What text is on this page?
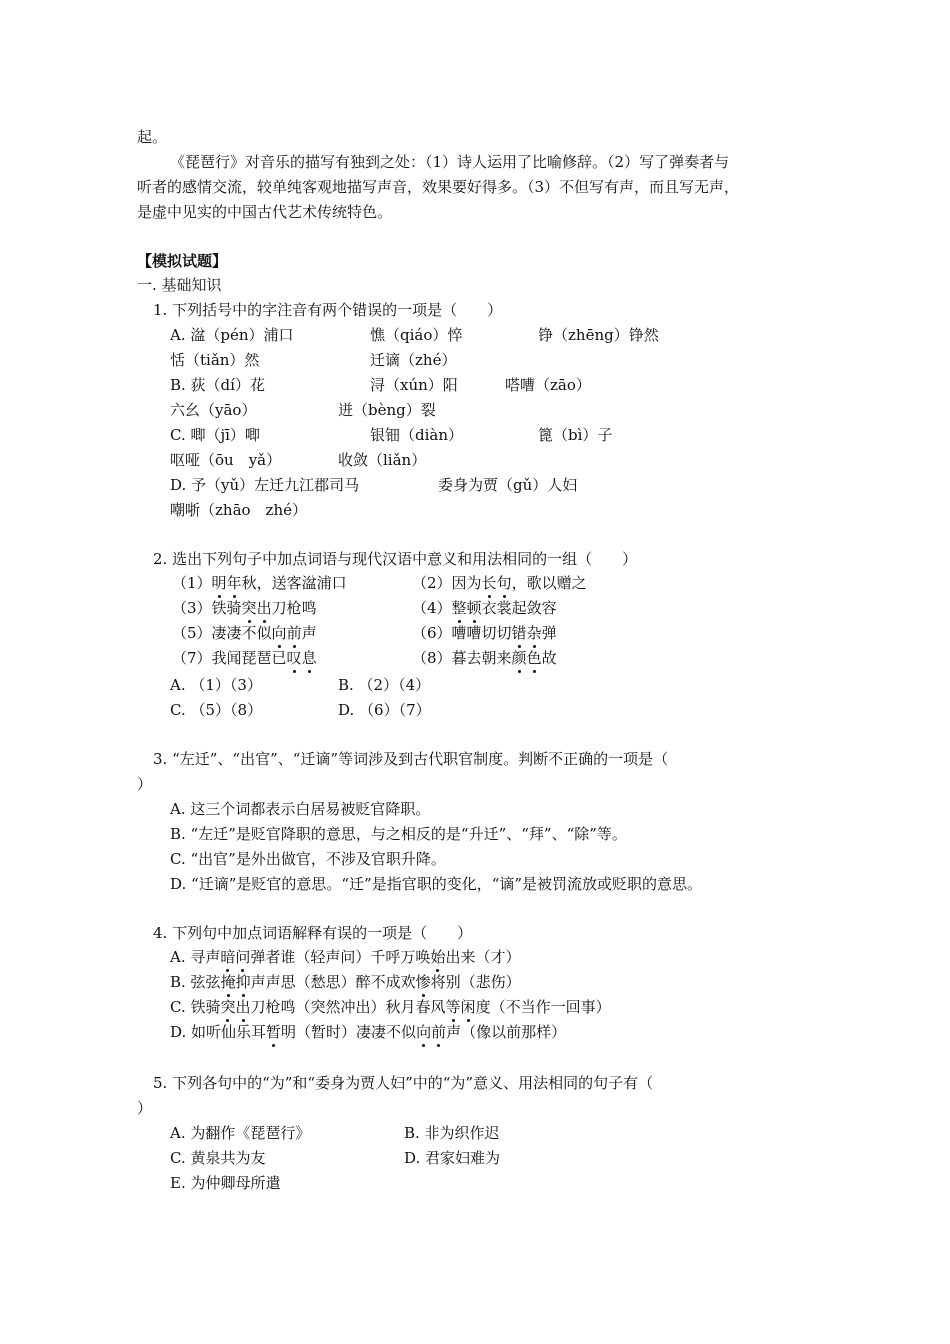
起。
《琵琶行》对音乐的描写有独到之处：（1）诗人运用了比喻修辞。（2）写了弹奏者与
听者的感情交流，较单纯客观地描写声音，效果要好得多。（3）不但写有声，而且写无声，
是虚中见实的中国古代艺术传统特色。
【模拟试题】
一. 基础知识
1. 下列括号中的字注音有两个错误的一项是（　　）
A. 湓（pén）浦口	憔（qiáo）悴	铮（zhēng）铮然
恬（tiǎn）然	迁谪（zhé）
B. 荻（dí）花	浔（xún）阳	嗒嘈（zāo）
六幺（yāo）	迸（bèng）裂
C. 唧（jī）唧	银钿（diàn）	篦（bì）子
呕哑（ōu　yǎ）	收敛（liǎn）
D. 予（yǔ）左迁九江郡司马	委身为贾（gǔ）人妇
嘲哳（zhāo　zhé）
2. 选出下列句子中加点词语与现代汉语中意义和用法相同的一组（　　）
（1）明年秋，送客湓浦口	（2）因为长句，歌以赠之
（3）铁骑突出刀枪鸣	（4）整顿衣裳起敛容
（5）凄凄不似向前声	（6）嘈嘈切切错杂弹
（7）我闻琵琶已叹息	（8）暮去朝来颜色故
A. （1）（3）	B. （2）（4）
C. （5）（8）	D. （6）（7）
3. “左迁”、“出官”、“迁谪”等词涉及到古代职官制度。判断不正确的一项是（
）
A. 这三个词都表示白居易被贬官降职。
B. “左迁”是贬官降职的意思，与之相反的是“升迁”、“拜”、“除”等。
C. “出官”是外出做官，不涉及官职升降。
D. “迁谪”是贬官的意思。“迁”是指官职的变化，“谪”是被罚流放或贬职的意思。
4. 下列句中加点词语解释有误的一项是（　　）
A. 寻声暗问弹者谁（轻声问）千呼万唤始出来（才）
B. 弦弦掩抑声声思（愁思）醉不成欢惨将别（悲伤）
C. 铁骑突出刀枪鸣（突然冲出）秋月春风等闲度（不当作一回事）
D. 如听仙乐耳暂明（暂时）凄凄不似向前声（像以前那样）
5. 下列各句中的“为”和“委身为贾人妇”中的“为”意义、用法相同的句子有（
）
A. 为翻作《琵琶行》	B. 非为织作迟
C. 黄泉共为友	D. 君家妇难为
E. 为仲卿母所遣
